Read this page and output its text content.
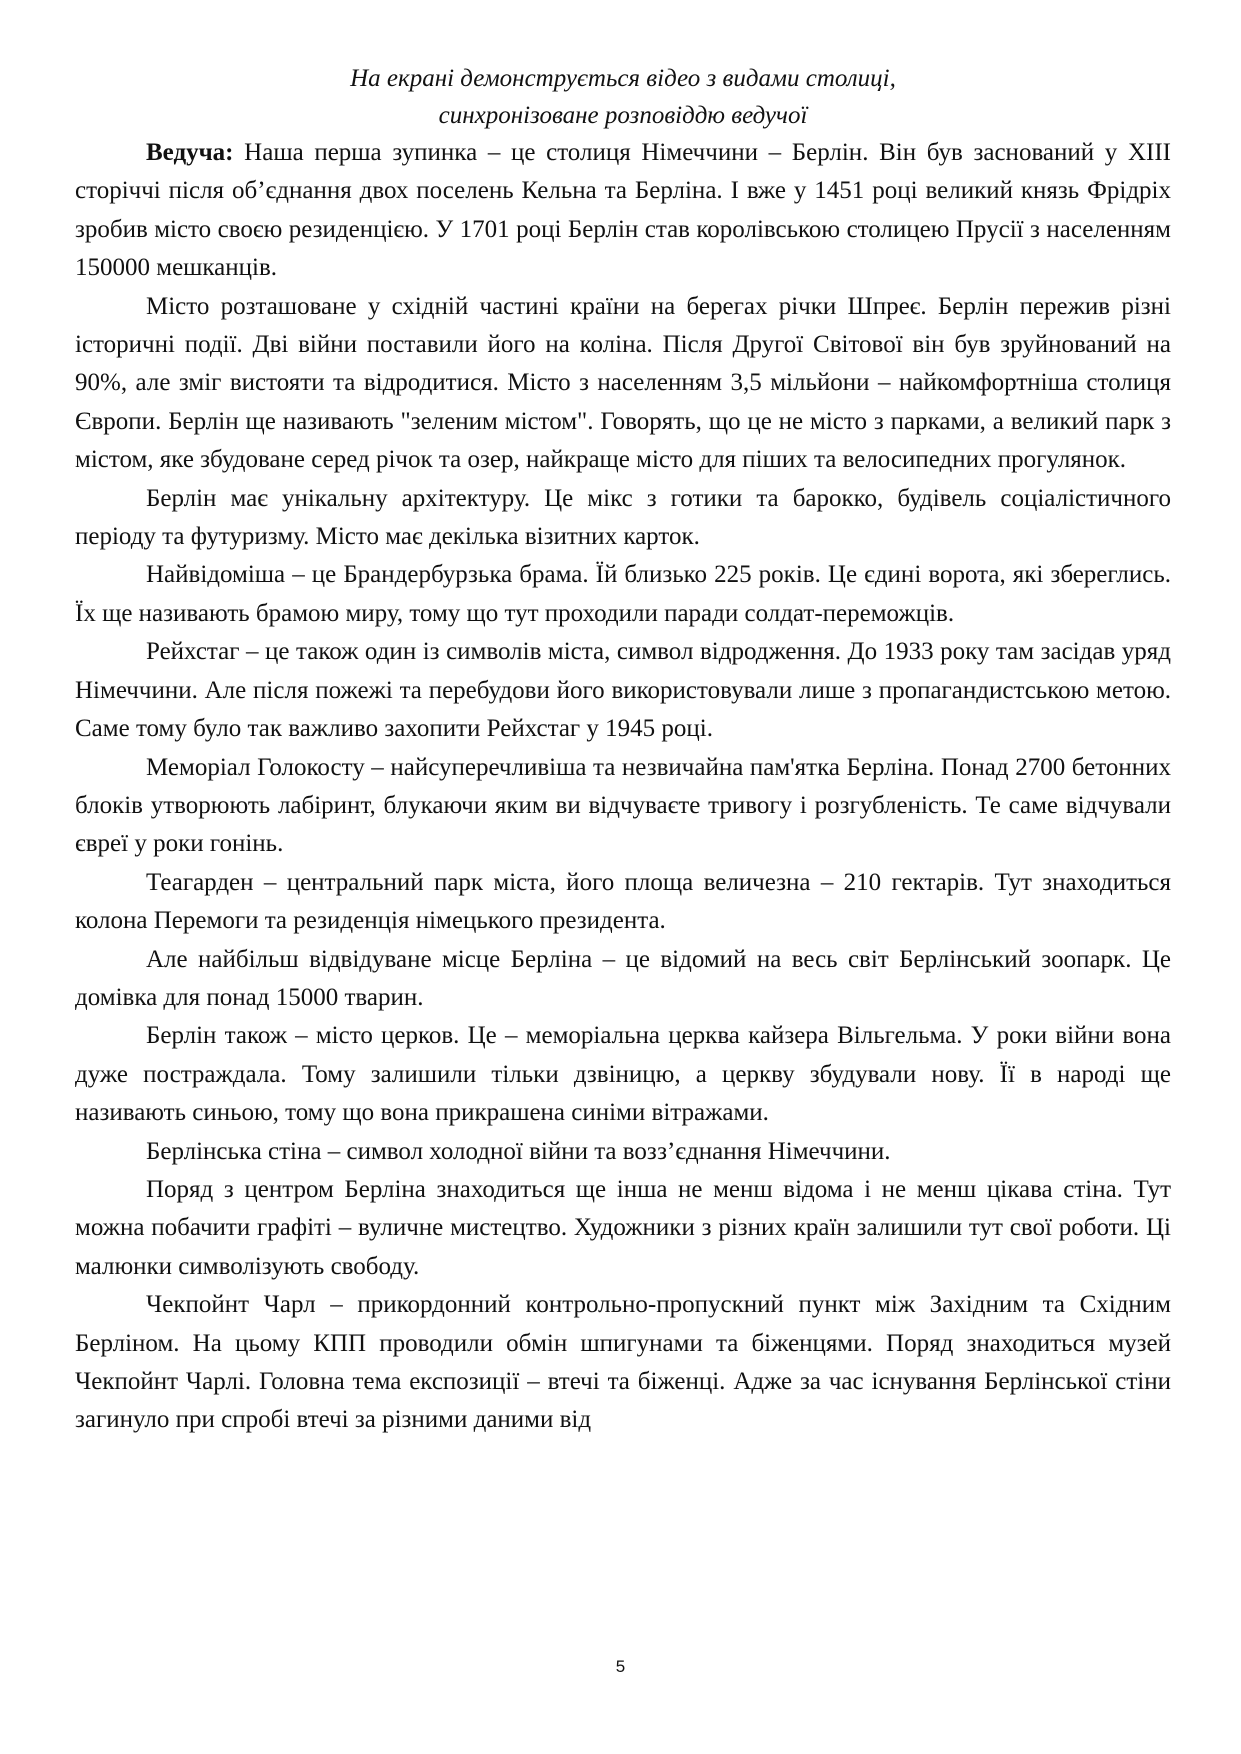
На екрані демонструється відео з видами столиці,

синхронізоване розповіддю ведучої

Ведуча: Наша перша зупинка – це столиця Німеччини – Берлін. Він був заснований у XIII сторіччі після об’єднання двох поселень Кельна та Берліна. І вже у 1451 році великий князь Фрідріх зробив місто своєю резиденцією. У 1701 році Берлін став королівською столицею Прусії з населенням 150000 мешканців.

Місто розташоване у східній частині країни на берегах річки Шпреє. Берлін пережив різні історичні події. Дві війни поставили його на коліна. Після Другої Світової він був зруйнований на 90%, але зміг вистояти та відродитися. Місто з населенням 3,5 мільйони – найкомфортніша столиця Європи. Берлін ще називають "зеленим містом". Говорять, що це не місто з парками, а великий парк з містом, яке збудоване серед річок та озер, найкраще місто для піших та велосипедних прогулянок.

Берлін має унікальну архітектуру. Це мікс з готики та барокко, будівель соціалістичного періоду та футуризму. Місто має декілька візитних карток.

Найвідоміша – це Брандербурзька брама. Їй близько 225 років. Це єдині ворота, які збереглись. Їх ще називають брамою миру, тому що тут проходили паради солдат-переможців.

Рейхстаг – це також один із символів міста, символ відродження. До 1933 року там засідав уряд Німеччини. Але після пожежі та перебудови його використовували лише з пропагандистською метою. Саме тому було так важливо захопити Рейхстаг у 1945 році.

Меморіал Голокосту – найсуперечливіша та незвичайна пам'ятка Берліна. Понад 2700 бетонних блоків утворюють лабіринт, блукаючи яким ви відчуваєте тривогу і розгубленість. Те саме відчували євреї у роки гонінь.

Теагарден – центральний парк міста, його площа величезна – 210 гектарів. Тут знаходиться колона Перемоги та резиденція німецького президента.

Але найбільш відвідуване місце Берліна – це відомий на весь світ Берлінський зоопарк. Це домівка для понад 15000 тварин.

Берлін також – місто церков. Це – меморіальна церква кайзера Вільгельма. У роки війни вона дуже постраждала. Тому залишили тільки дзвіницю, а церкву збудували нову. Її в народі ще називають синьою, тому що вона прикрашена синіми вітражами.

Берлінська стіна – символ холодної війни та возз’єднання Німеччини.

Поряд з центром Берліна знаходиться ще інша не менш відома і не менш цікава стіна. Тут можна побачити графіті – вуличне мистецтво. Художники з різних країн залишили тут свої роботи. Ці малюнки символізують свободу.

Чекпойнт Чарл – прикордонний контрольно-пропускний пункт між Західним та Східним Берліном. На цьому КПП проводили обмін шпигунами та біженцями. Поряд знаходиться музей Чекпойнт Чарлі. Головна тема експозиції – втечі та біженці. Адже за час існування Берлінської стіни загинуло при спробі втечі за різними даними від

5
